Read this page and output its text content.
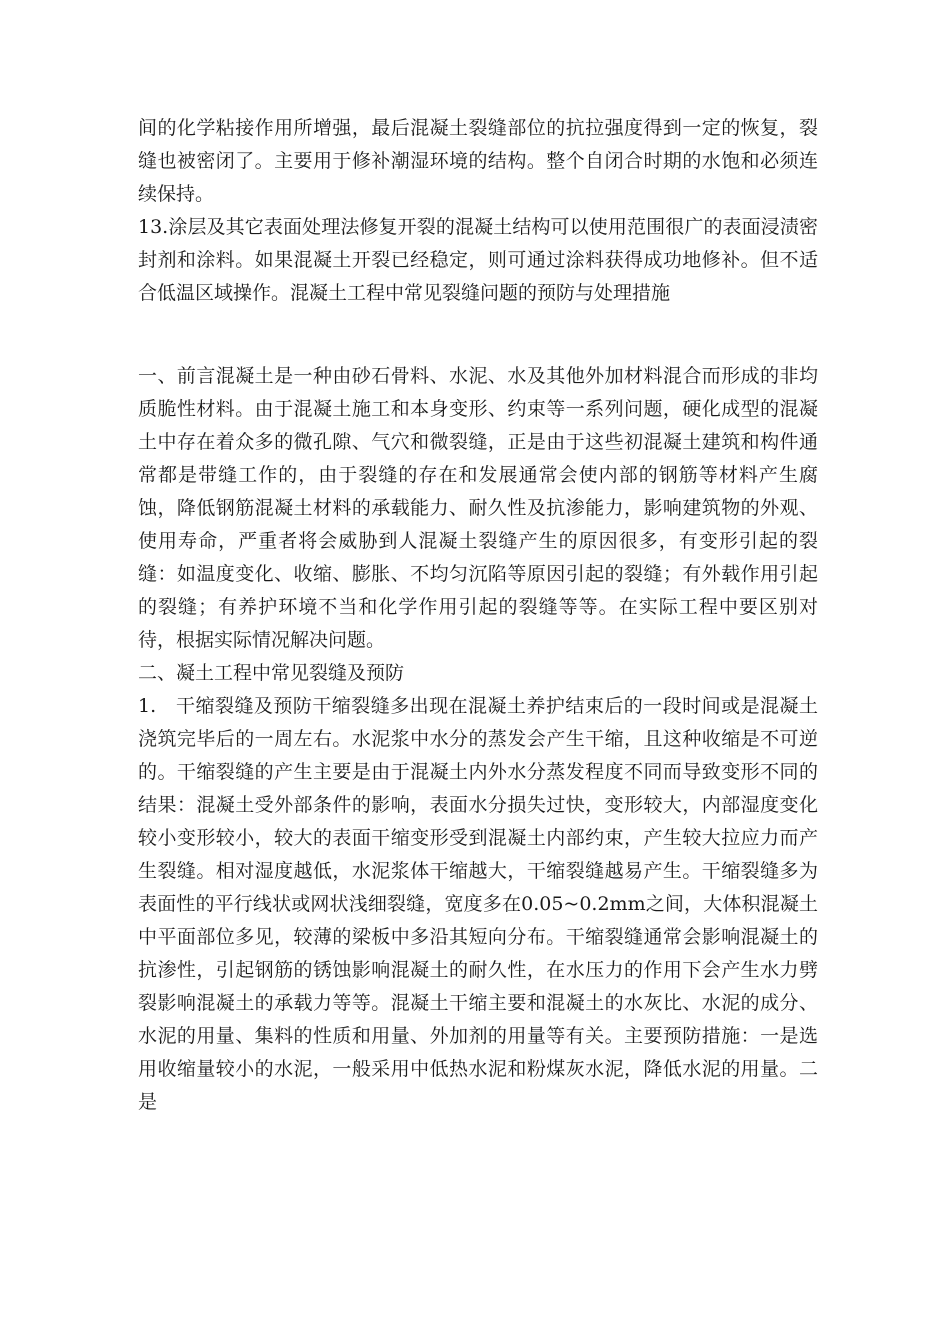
间的化学粘接作用所增强，最后混凝土裂缝部位的抗拉强度得到一定的恢复，裂缝也被密闭了。主要用于修补潮湿环境的结构。整个自闭合时期的水饱和必须连续保持。

13.涂层及其它表面处理法修复开裂的混凝土结构可以使用范围很广的表面浸渍密封剂和涂料。如果混凝土开裂已经稳定，则可通过涂料获得成功地修补。但不适合低温区域操作。混凝土工程中常见裂缝问题的预防与处理措施

一、前言混凝土是一种由砂石骨料、水泥、水及其他外加材料混合而形成的非均质脆性材料。由于混凝土施工和本身变形、约束等一系列问题，硬化成型的混凝土中存在着众多的微孔隙、气穴和微裂缝，正是由于这些初混凝土建筑和构件通常都是带缝工作的，由于裂缝的存在和发展通常会使内部的钢筋等材料产生腐蚀，降低钢筋混凝土材料的承载能力、耐久性及抗渗能力，影响建筑物的外观、使用寿命，严重者将会威胁到人混凝土裂缝产生的原因很多，有变形引起的裂缝：如温度变化、收缩、膨胀、不均匀沉陷等原因引起的裂缝；有外载作用引起的裂缝；有养护环境不当和化学作用引起的裂缝等等。在实际工程中要区别对待，根据实际情况解决问题。

二、凝土工程中常见裂缝及预防

1.　干缩裂缝及预防干缩裂缝多出现在混凝土养护结束后的一段时间或是混凝土浇筑完毕后的一周左右。水泥浆中水分的蒸发会产生干缩，且这种收缩是不可逆的。干缩裂缝的产生主要是由于混凝土内外水分蒸发程度不同而导致变形不同的结果：混凝土受外部条件的影响，表面水分损失过快，变形较大，内部湿度变化较小变形较小，较大的表面干缩变形受到混凝土内部约束，产生较大拉应力而产生裂缝。相对湿度越低，水泥浆体干缩越大，干缩裂缝越易产生。干缩裂缝多为表面性的平行线状或网状浅细裂缝，宽度多在0.05~0.2mm之间，大体积混凝土中平面部位多见，较薄的梁板中多沿其短向分布。干缩裂缝通常会影响混凝土的抗渗性，引起钢筋的锈蚀影响混凝土的耐久性，在水压力的作用下会产生水力劈裂影响混凝土的承载力等等。混凝土干缩主要和混凝土的水灰比、水泥的成分、水泥的用量、集料的性质和用量、外加剂的用量等有关。主要预防措施：一是选用收缩量较小的水泥，一般采用中低热水泥和粉煤灰水泥，降低水泥的用量。二是
